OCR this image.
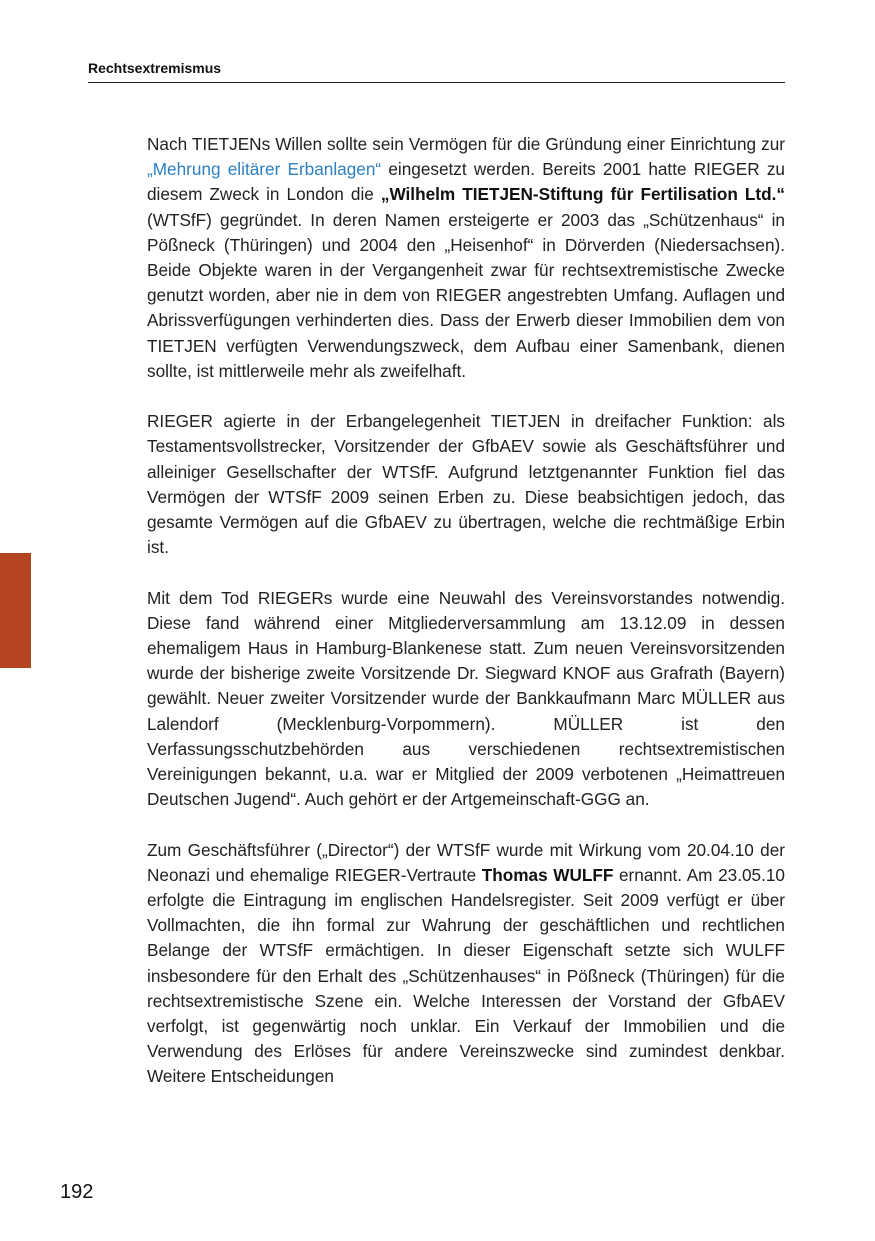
Rechtsextremismus

Nach TIETJENs Willen sollte sein Vermögen für die Gründung einer Einrichtung zur „Mehrung elitärer Erbanlagen“ eingesetzt werden. Bereits 2001 hatte RIEGER zu diesem Zweck in London die „Wilhelm TIETJEN-Stiftung für Fertilisation Ltd.“ (WTSfF) gegründet. In deren Namen ersteigerte er 2003 das „Schützenhaus“ in Pößneck (Thüringen) und 2004 den „Heisenhof“ in Dörverden (Niedersachsen). Beide Objekte waren in der Vergangenheit zwar für rechtsextremistische Zwecke genutzt worden, aber nie in dem von RIEGER angestrebten Umfang. Auflagen und Abrissverfügungen verhinderten dies. Dass der Erwerb dieser Immobilien dem von TIETJEN verfügten Verwendungszweck, dem Aufbau einer Samenbank, dienen sollte, ist mittlerweile mehr als zweifelhaft.

RIEGER agierte in der Erbangelegenheit TIETJEN in dreifacher Funktion: als Testamentsvollstrecker, Vorsitzender der GfbAEV sowie als Geschäftsführer und alleiniger Gesellschafter der WTSfF. Aufgrund letztgenannter Funktion fiel das Vermögen der WTSfF 2009 seinen Erben zu. Diese beabsichtigen jedoch, das gesamte Vermögen auf die GfbAEV zu übertragen, welche die rechtmäßige Erbin ist.

Mit dem Tod RIEGERs wurde eine Neuwahl des Vereinsvorstandes notwendig. Diese fand während einer Mitgliederversammlung am 13.12.09 in dessen ehemaligem Haus in Hamburg-Blankenese statt. Zum neuen Vereinsvorsitzenden wurde der bisherige zweite Vorsitzende Dr. Siegward KNOF aus Grafrath (Bayern) gewählt. Neuer zweiter Vorsitzender wurde der Bankkaufmann Marc MÜLLER aus Lalendorf (Mecklenburg-Vorpommern). MÜLLER ist den Verfassungsschutzbehörden aus verschiedenen rechtsextremistischen Vereinigungen bekannt, u.a. war er Mitglied der 2009 verbotenen „Heimattreuen Deutschen Jugend“. Auch gehört er der Artgemeinschaft-GGG an.

Zum Geschäftsführer („Director“) der WTSfF wurde mit Wirkung vom 20.04.10 der Neonazi und ehemalige RIEGER-Vertraute Thomas WULFF ernannt. Am 23.05.10 erfolgte die Eintragung im englischen Handelsregister. Seit 2009 verfügt er über Vollmachten, die ihn formal zur Wahrung der geschäftlichen und rechtlichen Belange der WTSfF ermächtigen. In dieser Eigenschaft setzte sich WULFF insbesondere für den Erhalt des „Schützenhauses“ in Pößneck (Thüringen) für die rechtsextremistische Szene ein. Welche Interessen der Vorstand der GfbAEV verfolgt, ist gegenwärtig noch unklar. Ein Verkauf der Immobilien und die Verwendung des Erlöses für andere Vereinszwecke sind zumindest denkbar. Weitere Entscheidungen

192
